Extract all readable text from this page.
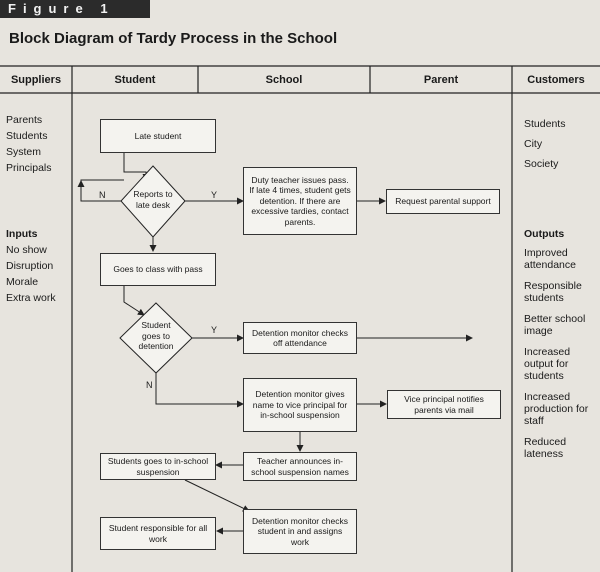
Figure 1
Block Diagram of Tardy Process in the School
Suppliers	Student	School	Parent	Customers
Parents
Students
System
Principals
Inputs
No show
Disruption
Morale
Extra work
Students
City
Society
Outputs
Improved attendance
Responsible students
Better school image
Increased output for students
Increased production for staff
Reduced lateness
Late student
Reports to late desk
Duty teacher issues pass. If late 4 times, student gets detention. If there are excessive tardies, contact parents.
Request parental support
Goes to class with pass
Student goes to detention
Detention monitor checks off attendance
Detention monitor gives name to vice principal for in-school suspension
Vice principal notifies parents via mail
Students goes to in-school suspension
Teacher announces in-school suspension names
Student responsible for all work
Detention monitor checks student in and assigns work
N	Y
Y
N
